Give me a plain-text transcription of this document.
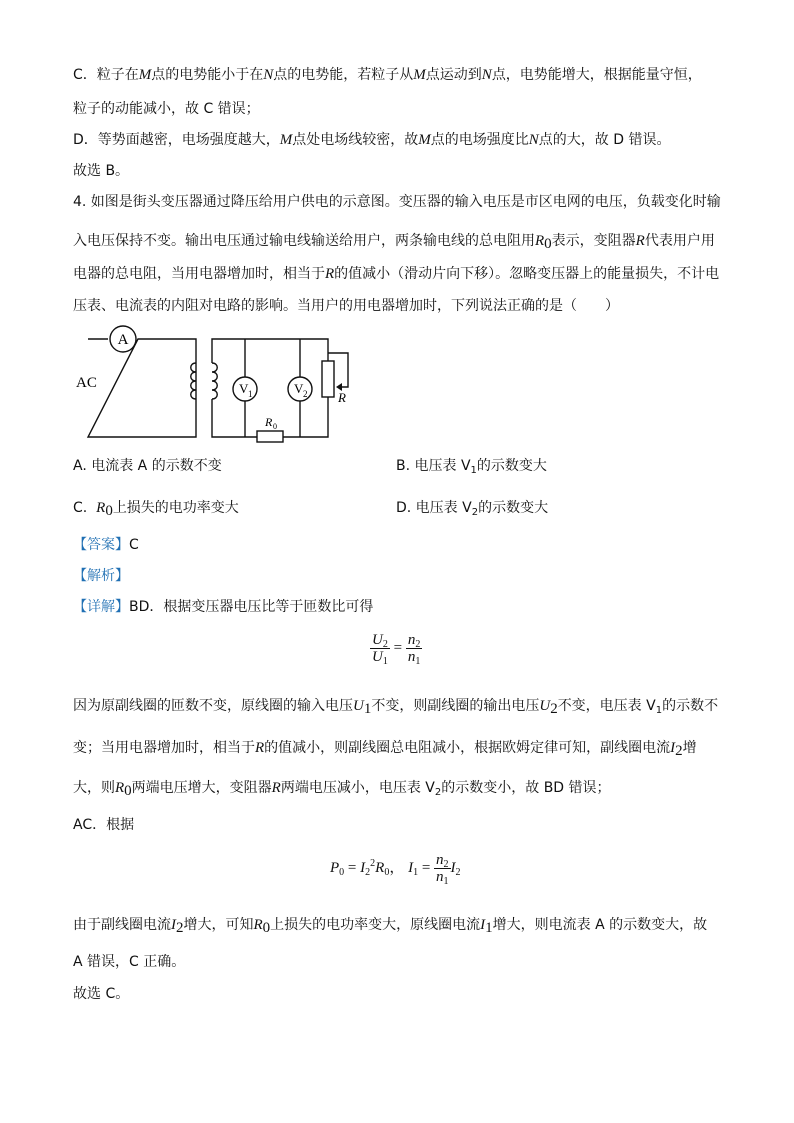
C．粒子在M点的电势能小于在N点的电势能，若粒子从M点运动到N点，电势能增大，根据能量守恒，
粒子的动能减小，故 C 错误；
D．等势面越密，电场强度越大，M点处电场线较密，故M点的电场强度比N点的大，故 D 错误。
故选 B。
4. 如图是街头变压器通过降压给用户供电的示意图。变压器的输入电压是市区电网的电压，负载变化时输
入电压保持不变。输出电压通过输电线输送给用户，两条输电线的总电阻用$R_0$表示，变阻器R代表用户用
电器的总电阻，当用电器增加时，相当于R的值减小（滑动片向下移）。忽略变压器上的能量损失，不计电
压表、电流表的内阻对电路的影响。当用户的用电器增加时，下列说法正确的是（　　）
A
AC	V 1	V 2 R
R 0
A. 电流表 A 的示数不变	B. 电压表 $V_1$的示数变大
C. $R_0$上损失的电功率变大	D. 电压表 $V_2$的示数变大
【答案】C
【解析】
【详解】BD．根据变压器电压比等于匝数比可得
$\frac{U_2}{U_1} = \frac{n_2}{n_1}$
因为原副线圈的匝数不变，原线圈的输入电压$U_1$不变，则副线圈的输出电压$U_2$不变，电压表 $V_1$的示数不
变；当用电器增加时，相当于R的值减小，则副线圈总电阻减小，根据欧姆定律可知，副线圈电流$I_2$增
大，则$R_0$两端电压增大，变阻器R两端电压减小，电压表 $V_2$的示数变小，故 BD 错误；
AC．根据
$P_0 = I_2^2R_0$， $I_1 = \frac{n_2}{n_1} I_2$
由于副线圈电流$I_2$增大，可知$R_0$上损失的电功率变大，原线圈电流$I_1$增大，则电流表 A 的示数变大，故
A 错误，C 正确。
故选 C。
